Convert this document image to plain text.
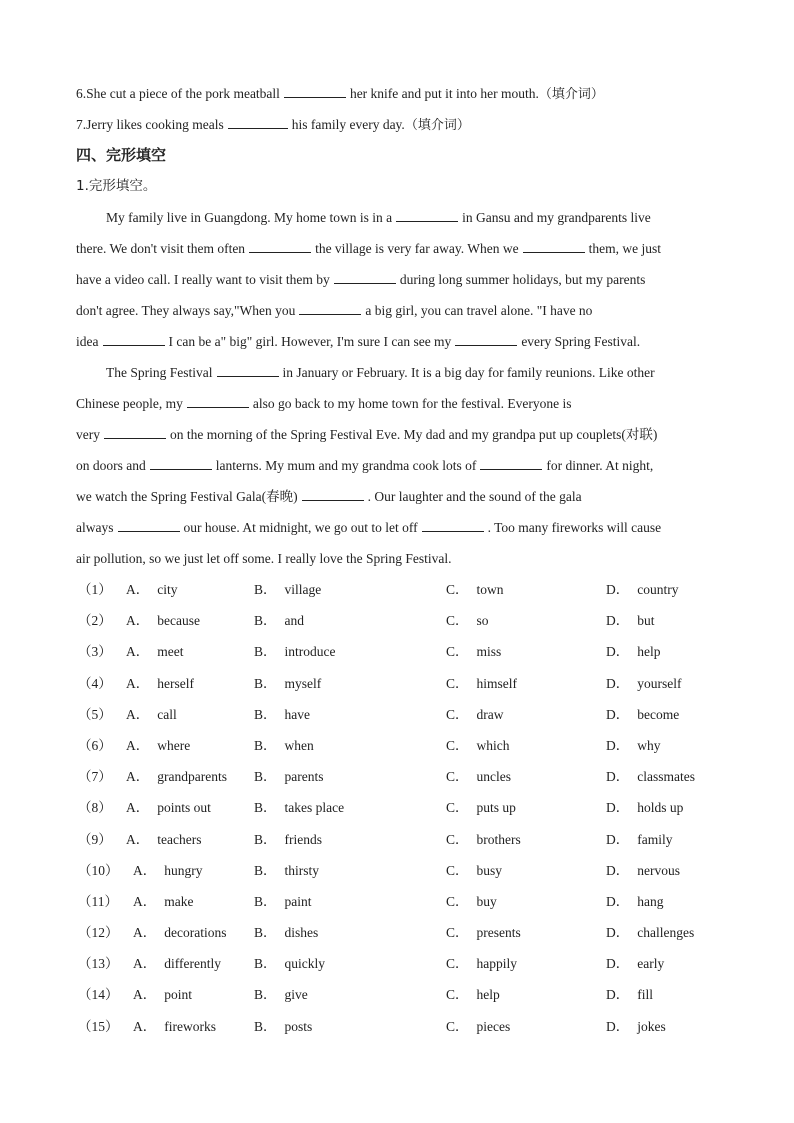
6.She cut a piece of the pork meatball	her knife and put it into her mouth.（填介词）
7.Jerry likes cooking meals	his family every day.（填介词）
四、完形填空
1.完形填空。
My family live in Guangdong. My home town is in a	in Gansu and my grandparents live
there. We don't visit them often	the village is very far away. When we	them, we just
have a video call. I really want to visit them by	during long summer holidays, but my parents
don't agree. They always say,"When you	a big girl, you can travel alone. "I have no
idea	I can be a" big" girl. However, I'm sure I can see my	every Spring Festival.
The Spring Festival	in January or February. It is a big day for family reunions. Like other
Chinese people, my	also go back to my home town for the festival. Everyone is
very	on the morning of the Spring Festival Eve. My dad and my grandpa put up couplets(对联)
on doors and	lanterns. My mum and my grandma cook lots of	for dinner. At night,
we watch the Spring Festival Gala(春晚)	. Our laughter and the sound of the gala
always	our house. At midnight, we go out to let off	. Too many fireworks will cause
air pollution, so we just let off some. I really love the Spring Festival.
（1） A． city	B． village	C． town	D． country
（2） A． because	B． and	C． so	D． but
（3） A． meet	B． introduce	C． miss	D． help
（4） A． herself	B． myself	C． himself	D． yourself
（5） A． call	B． have	C． draw	D． become
（6） A． where	B． when	C． which	D． why
（7） A． grandparents B． parents	C． uncles	D． classmates
（8） A． points out	B． takes place	C． puts up	D． holds up
（9） A． teachers	B． friends	C． brothers	D． family
（10） A． hungry	B． thirsty	C． busy	D． nervous
（11） A． make	B． paint	C． buy	D． hang
（12） A． decorations B． dishes	C． presents	D． challenges
（13） A． differently B． quickly	C． happily	D． early
（14） A． point	B． give	C． help	D． fill
（15） A． fireworks	B． posts	C． pieces	D． jokes
